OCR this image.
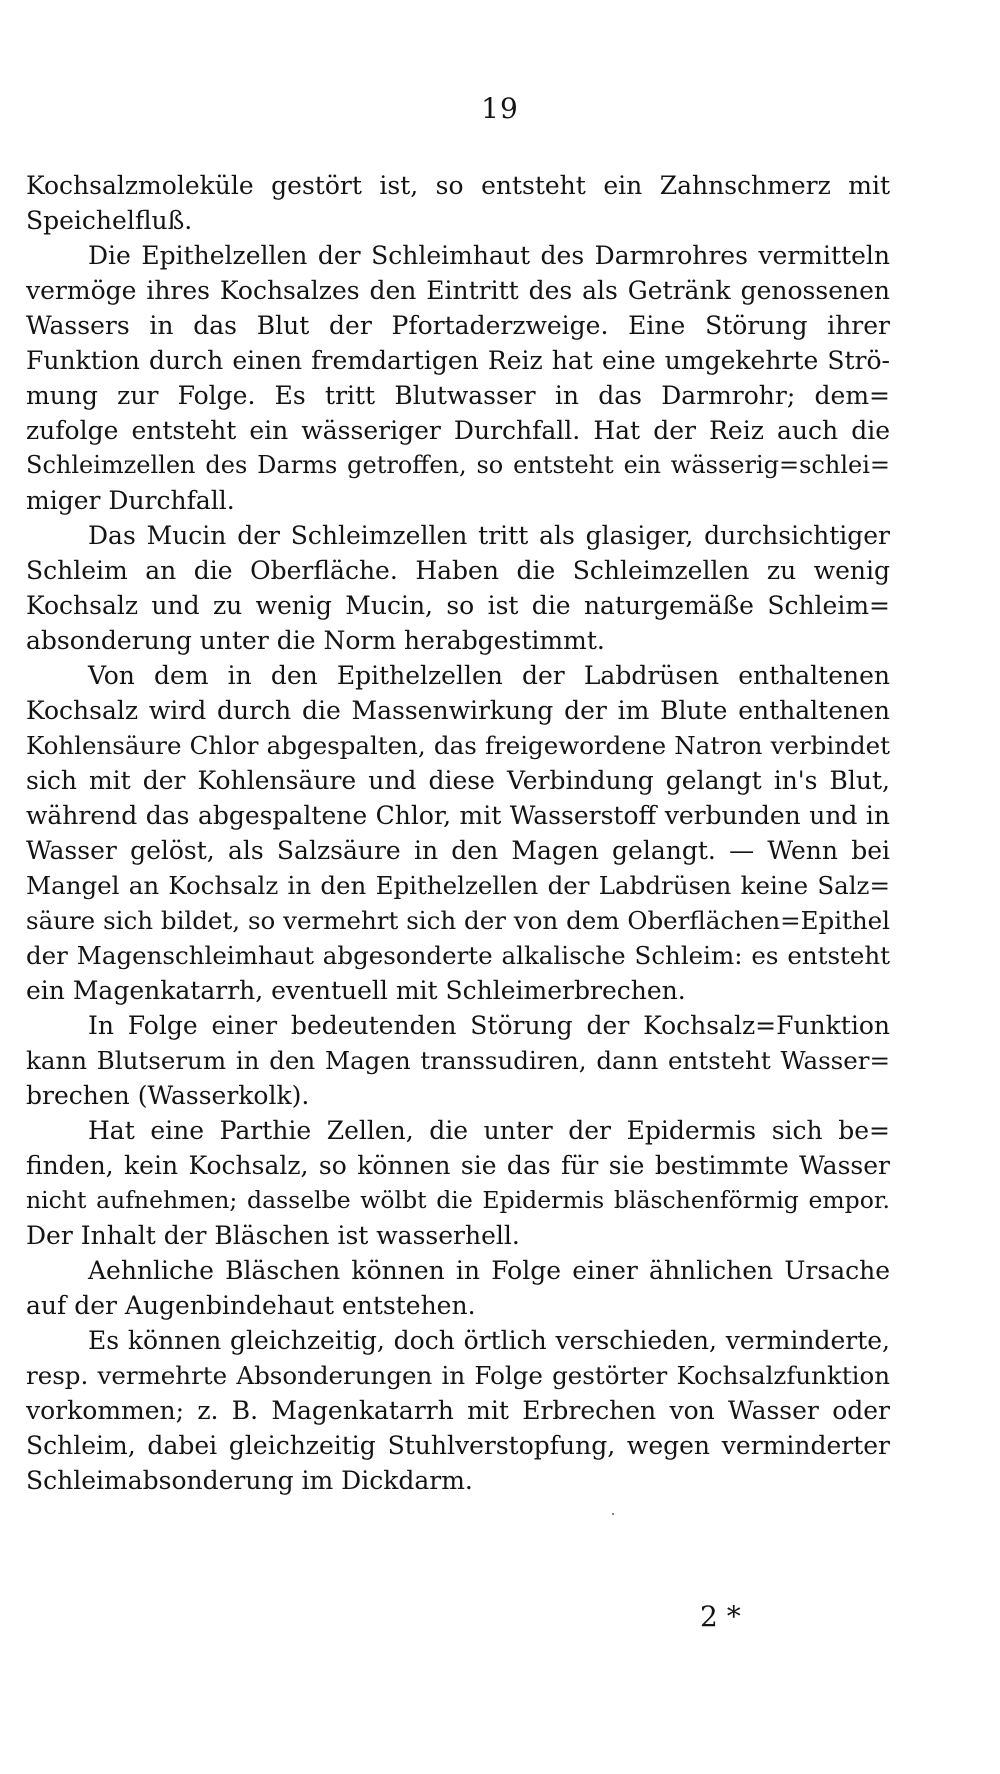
19
Kochsalzmoleküle gestört ist, so entsteht ein Zahnschmerz mit
Speichelfluß.
Die Epithelzellen der Schleimhaut des Darmrohres vermitteln
vermöge ihres Kochsalzes den Eintritt des als Getränk genossenen
Wassers in das Blut der Pfortaderzweige. Eine Störung ihrer
Funktion durch einen fremdartigen Reiz hat eine umgekehrte Strö-
mung zur Folge. Es tritt Blutwasser in das Darmrohr; dem=
zufolge entsteht ein wässeriger Durchfall. Hat der Reiz auch die
Schleimzellen des Darms getroffen, so entsteht ein wässerig=schlei=
miger Durchfall.
Das Mucin der Schleimzellen tritt als glasiger, durchsichtiger
Schleim an die Oberfläche. Haben die Schleimzellen zu wenig
Kochsalz und zu wenig Mucin, so ist die naturgemäße Schleim=
absonderung unter die Norm herabgestimmt.
Von dem in den Epithelzellen der Labdrüsen enthaltenen
Kochsalz wird durch die Massenwirkung der im Blute enthaltenen
Kohlensäure Chlor abgespalten, das freigewordene Natron verbindet
sich mit der Kohlensäure und diese Verbindung gelangt in's Blut,
während das abgespaltene Chlor, mit Wasserstoff verbunden und in
Wasser gelöst, als Salzsäure in den Magen gelangt. — Wenn bei
Mangel an Kochsalz in den Epithelzellen der Labdrüsen keine Salz=
säure sich bildet, so vermehrt sich der von dem Oberflächen=Epithel
der Magenschleimhaut abgesonderte alkalische Schleim: es entsteht
ein Magenkatarrh, eventuell mit Schleimerbrechen.
In Folge einer bedeutenden Störung der Kochsalz=Funktion
kann Blutserum in den Magen transsudiren, dann entsteht Wasser=
brechen (Wasserkolk).
Hat eine Parthie Zellen, die unter der Epidermis sich be=
finden, kein Kochsalz, so können sie das für sie bestimmte Wasser
nicht aufnehmen; dasselbe wölbt die Epidermis bläschenförmig empor.
Der Inhalt der Bläschen ist wasserhell.
Aehnliche Bläschen können in Folge einer ähnlichen Ursache
auf der Augenbindehaut entstehen.
Es können gleichzeitig, doch örtlich verschieden, verminderte,
resp. vermehrte Absonderungen in Folge gestörter Kochsalzfunktion
vorkommen; z. B. Magenkatarrh mit Erbrechen von Wasser oder
Schleim, dabei gleichzeitig Stuhlverstopfung, wegen verminderter
Schleimabsonderung im Dickdarm.
2 *
